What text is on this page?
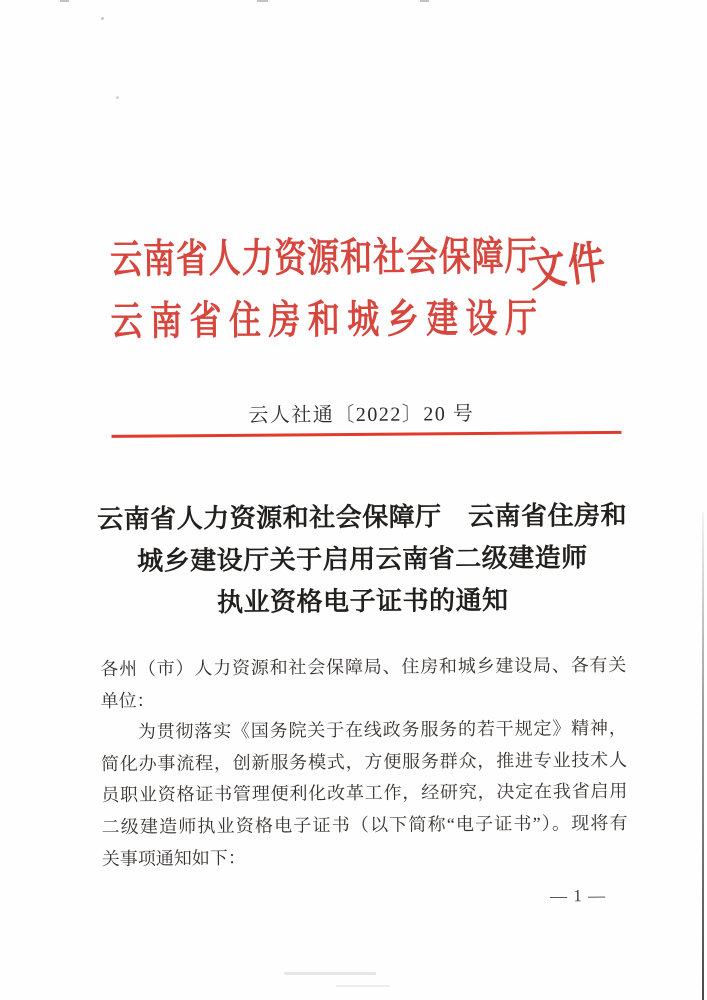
云南省人力资源和社会保障厅
云南省住房和城乡建设厅
文件
云人社通〔2022〕20 号
云南省人力资源和社会保障厅　云南省住房和
城乡建设厅关于启用云南省二级建造师
执业资格电子证书的通知
各州（市）人力资源和社会保障局、住房和城乡建设局、各有关
单位：
为贯彻落实《国务院关于在线政务服务的若干规定》精神，
简化办事流程，创新服务模式，方便服务群众，推进专业技术人
员职业资格证书管理便利化改革工作，经研究，决定在我省启用
二级建造师执业资格电子证书（以下简称“电子证书”）。现将有
关事项通知如下：
— 1 —
